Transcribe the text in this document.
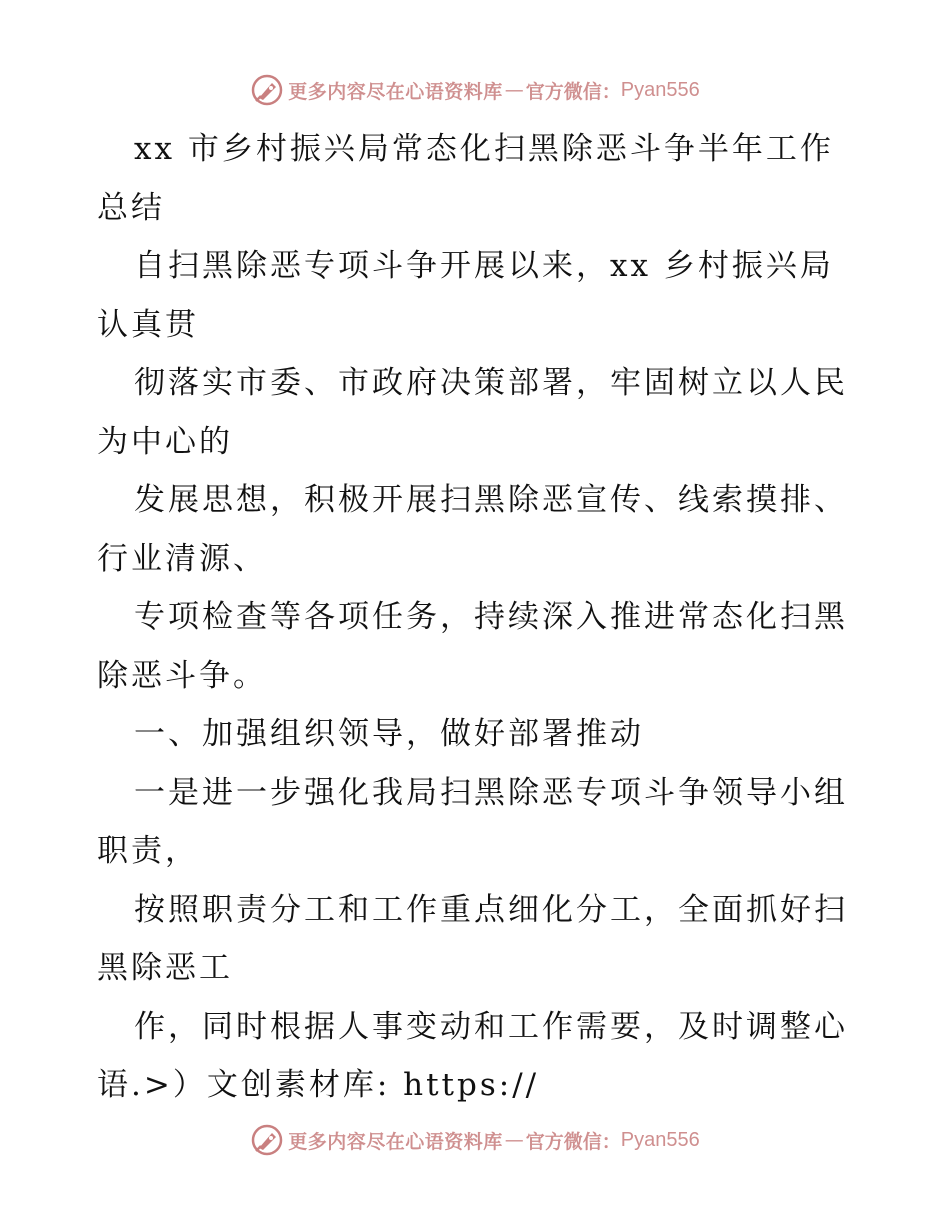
更多内容尽在心语资料库 — 官方微信： Pyan556
xx 市乡村振兴局常态化扫黑除恶斗争半年工作
总结
自扫黑除恶专项斗争开展以来，xx 乡村振兴局
认真贯
彻落实市委、市政府决策部署，牢固树立以人民
为中心的
发展思想，积极开展扫黑除恶宣传、线索摸排、
行业清源、
专项检查等各项任务，持续深入推进常态化扫黑
除恶斗争。
一、加强组织领导，做好部署推动
一是进一步强化我局扫黑除恶专项斗争领导小组
职责，
按照职责分工和工作重点细化分工，全面抓好扫
黑除恶工
作，同时根据人事变动和工作需要，及时调整心
语.>）文创素材库: https://
更多内容尽在心语资料库 — 官方微信： Pyan556
